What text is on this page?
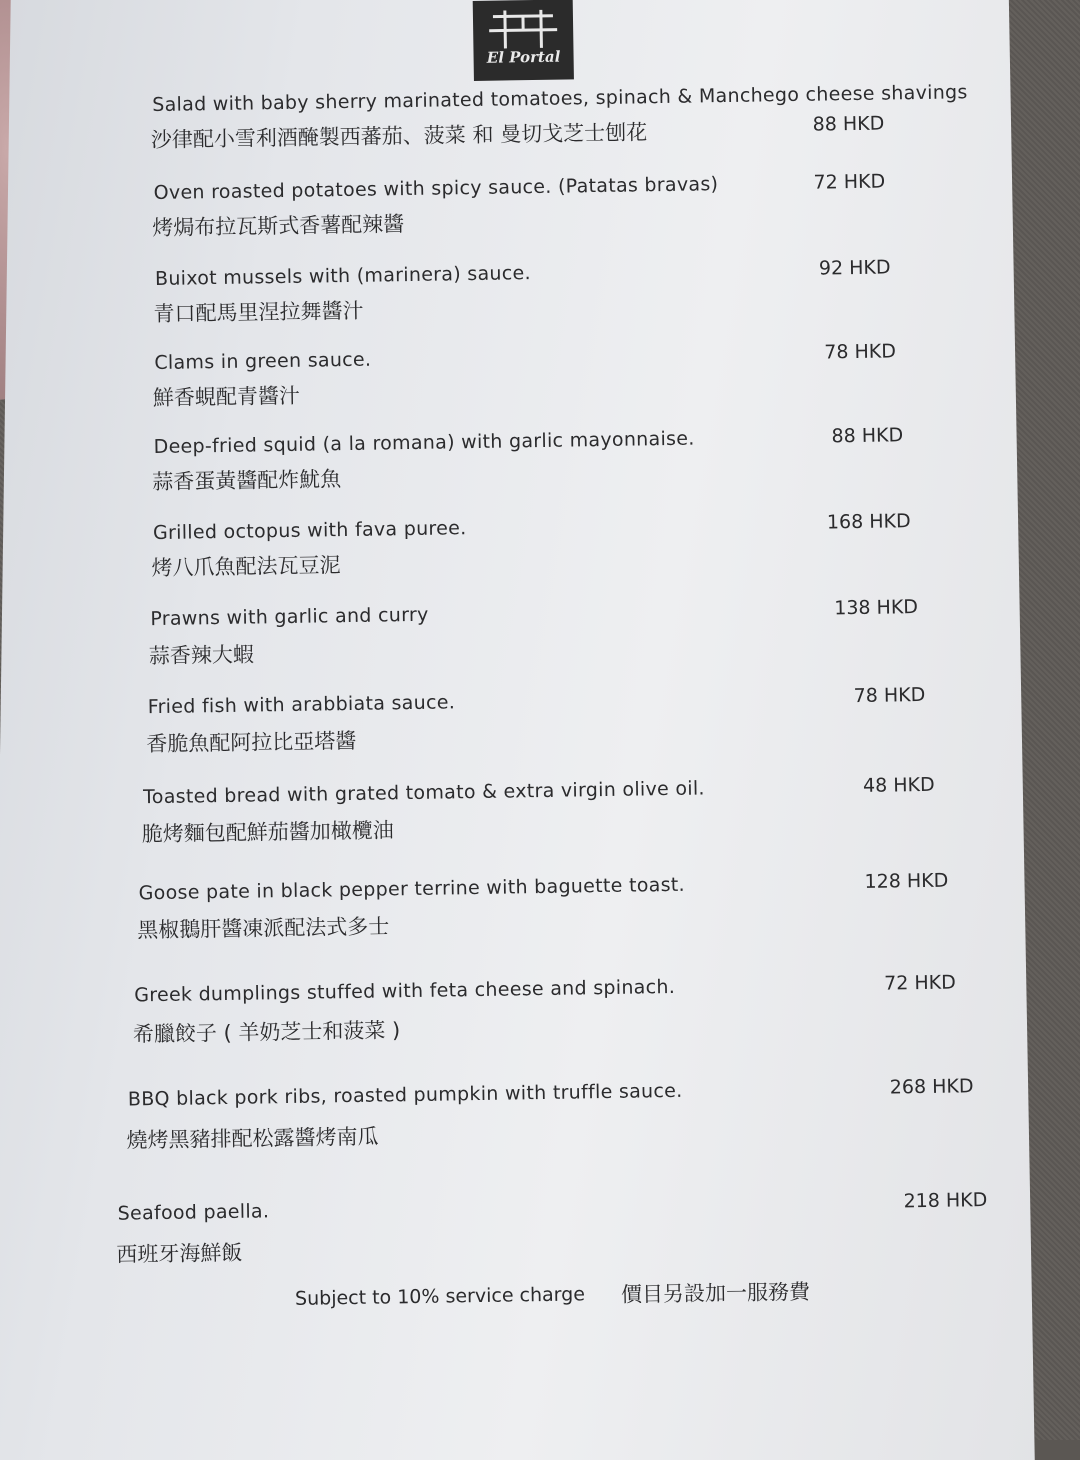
El Portal
Salad with baby sherry marinated tomatoes, spinach & Manchego cheese shavings
沙律配小雪利酒醃製西蕃茄、菠菜 和 曼切戈芝士刨花	88 HKD
Oven roasted potatoes with spicy sauce. (Patatas bravas)
烤焗布拉瓦斯式香薯配辣醬
72 HKD
Buixot mussels with (marinera) sauce.
青口配馬里涅拉舞醬汁
92 HKD
Clams in green sauce.
鮮香蜆配青醬汁
78 HKD
Deep-fried squid (a la romana) with garlic mayonnaise.
蒜香蛋黃醬配炸魷魚
88 HKD
Grilled octopus with fava puree.
烤八爪魚配法瓦豆泥
168 HKD
Prawns with garlic and curry
蒜香辣大蝦
138 HKD
Fried fish with arabbiata sauce.
香脆魚配阿拉比亞塔醬
78 HKD
Toasted bread with grated tomato & extra virgin olive oil.
脆烤麵包配鮮茄醬加橄欖油
48 HKD
Goose pate in black pepper terrine with baguette toast.
黑椒鵝肝醬凍派配法式多士
128 HKD
Greek dumplings stuffed with feta cheese and spinach.
希臘餃子 ( 羊奶芝士和菠菜 )
72 HKD
BBQ black pork ribs, roasted pumpkin with truffle sauce.
燒烤黑豬排配松露醬烤南瓜
268 HKD
Seafood paella.
西班牙海鮮飯
218 HKD
Subject to 10% service charge 價目另設加一服務費
